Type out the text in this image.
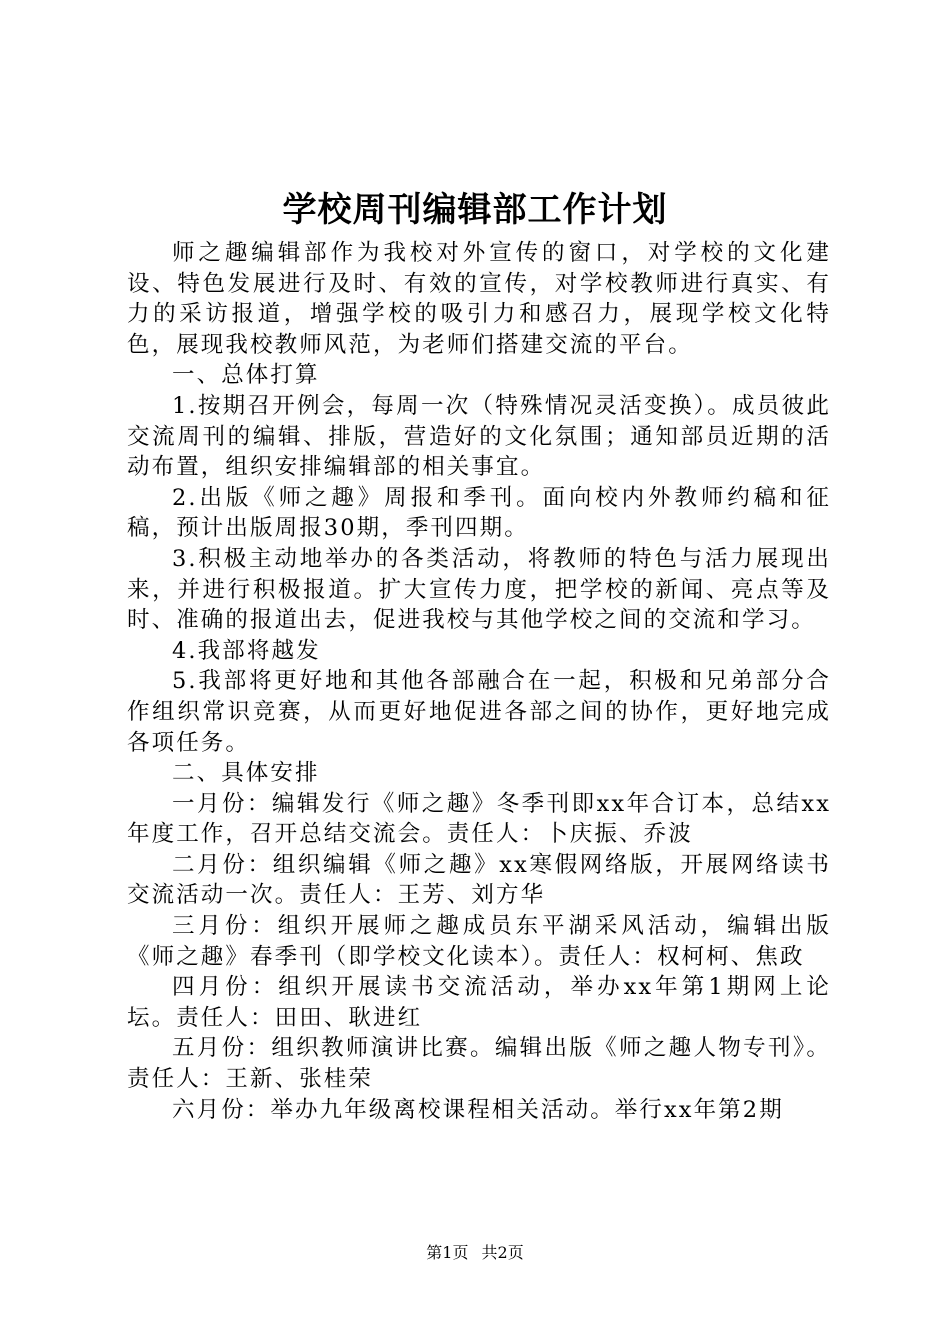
学校周刊编辑部工作计划

师之趣编辑部作为我校对外宣传的窗口，对学校的文化建设、特色发展进行及时、有效的宣传，对学校教师进行真实、有力的采访报道，增强学校的吸引力和感召力，展现学校文化特色，展现我校教师风范，为老师们搭建交流的平台。

一、总体打算

1.按期召开例会，每周一次（特殊情况灵活变换）。成员彼此交流周刊的编辑、排版，营造好的文化氛围；通知部员近期的活动布置，组织安排编辑部的相关事宜。

2.出版《师之趣》周报和季刊。面向校内外教师约稿和征稿，预计出版周报30期，季刊四期。

3.积极主动地举办的各类活动，将教师的特色与活力展现出来，并进行积极报道。扩大宣传力度，把学校的新闻、亮点等及时、准确的报道出去，促进我校与其他学校之间的交流和学习。

4.我部将越发

5.我部将更好地和其他各部融合在一起，积极和兄弟部分合作组织常识竞赛，从而更好地促进各部之间的协作，更好地完成各项任务。

二、具体安排

一月份：编辑发行《师之趣》冬季刊即xx年合订本，总结xx年度工作，召开总结交流会。责任人：卜庆振、乔波

二月份：组织编辑《师之趣》xx寒假网络版，开展网络读书交流活动一次。责任人：王芳、刘方华

三月份：组织开展师之趣成员东平湖采风活动，编辑出版《师之趣》春季刊（即学校文化读本）。责任人：权柯柯、焦政

四月份：组织开展读书交流活动，举办xx年第1期网上论坛。责任人：田田、耿进红

五月份：组织教师演讲比赛。编辑出版《师之趣人物专刊》。责任人：王新、张桂荣

六月份：举办九年级离校课程相关活动。举行xx年第2期

第1页 共2页
